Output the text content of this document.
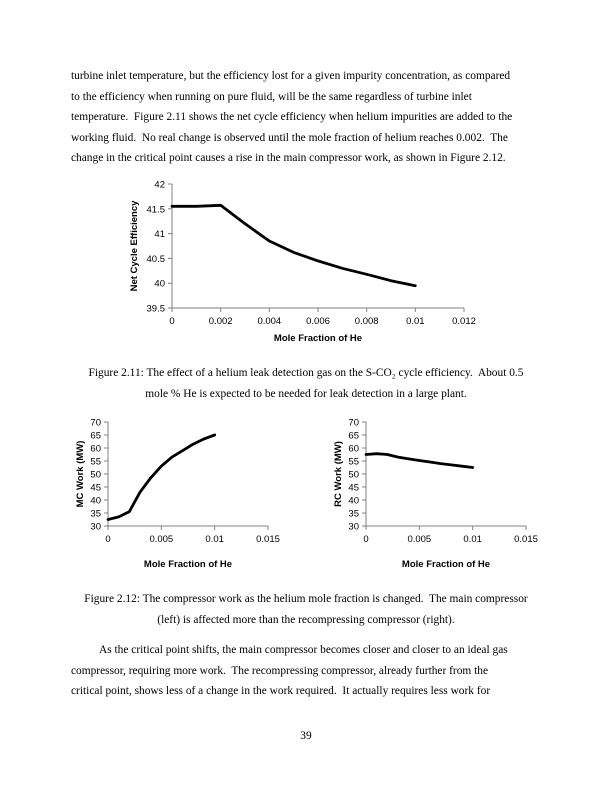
turbine inlet temperature, but the efficiency lost for a given impurity concentration, as compared
to the efficiency when running on pure fluid, will be the same regardless of turbine inlet
temperature.  Figure 2.11 shows the net cycle efficiency when helium impurities are added to the
working fluid.  No real change is observed until the mole fraction of helium reaches 0.002.  The
change in the critical point causes a rise in the main compressor work, as shown in Figure 2.12.
39.5
40
40.5
41
41.5
42
0	0.002	0.004	0.006	0.008	0.01	0.012
Mole Fraction of He
Net Cycle Efficiency
Figure 2.11: The effect of a helium leak detection gas on the S-CO₂ cycle efficiency.  About 0.5
mole % He is expected to be needed for leak detection in a large plant.
30
35
40
45
50
55
60
65
70
0	0.005	0.01	0.015
Mole Fraction of He
MC Work (MW)
30
35
40
45
50
55
60
65
70
0	0.005	0.01	0.015
Mole Fraction of He
RC Work (MW)
Figure 2.12: The compressor work as the helium mole fraction is changed.  The main compressor
(left) is affected more than the recompressing compressor (right).
As the critical point shifts, the main compressor becomes closer and closer to an ideal gas
compressor, requiring more work.  The recompressing compressor, already further from the
critical point, shows less of a change in the work required.  It actually requires less work for
39
